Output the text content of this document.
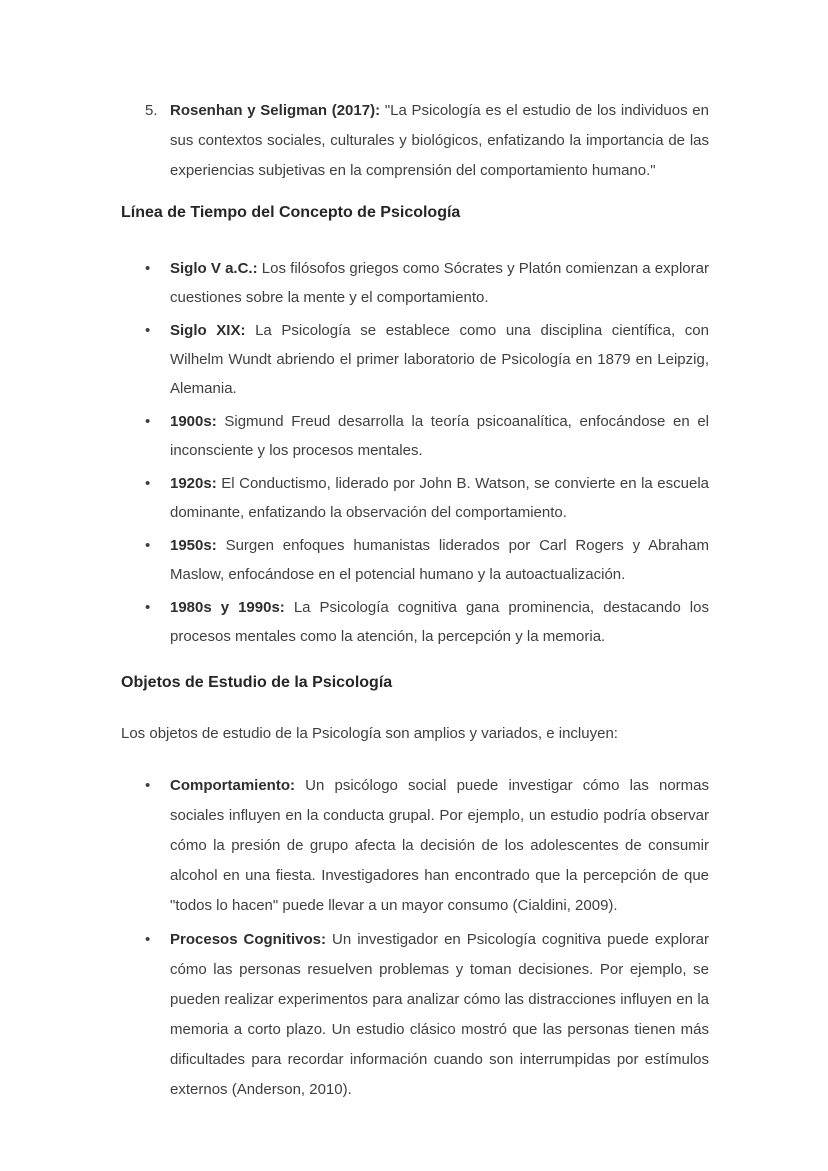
5. Rosenhan y Seligman (2017): "La Psicología es el estudio de los individuos en sus contextos sociales, culturales y biológicos, enfatizando la importancia de las experiencias subjetivas en la comprensión del comportamiento humano."
Línea de Tiempo del Concepto de Psicología
•	Siglo V a.C.: Los filósofos griegos como Sócrates y Platón comienzan a explorar cuestiones sobre la mente y el comportamiento.
•	Siglo XIX: La Psicología se establece como una disciplina científica, con Wilhelm Wundt abriendo el primer laboratorio de Psicología en 1879 en Leipzig, Alemania.
•	1900s: Sigmund Freud desarrolla la teoría psicoanalítica, enfocándose en el inconsciente y los procesos mentales.
•	1920s: El Conductismo, liderado por John B. Watson, se convierte en la escuela dominante, enfatizando la observación del comportamiento.
•	1950s: Surgen enfoques humanistas liderados por Carl Rogers y Abraham Maslow, enfocándose en el potencial humano y la autoactualización.
•	1980s y 1990s: La Psicología cognitiva gana prominencia, destacando los procesos mentales como la atención, la percepción y la memoria.
Objetos de Estudio de la Psicología

Los objetos de estudio de la Psicología son amplios y variados, e incluyen:

•	Comportamiento: Un psicólogo social puede investigar cómo las normas sociales influyen en la conducta grupal. Por ejemplo, un estudio podría observar cómo la presión de grupo afecta la decisión de los adolescentes de consumir alcohol en una fiesta. Investigadores han encontrado que la percepción de que "todos lo hacen" puede llevar a un mayor consumo (Cialdini, 2009).
•	Procesos Cognitivos: Un investigador en Psicología cognitiva puede explorar cómo las personas resuelven problemas y toman decisiones. Por ejemplo, se pueden realizar experimentos para analizar cómo las distracciones influyen en la memoria a corto plazo. Un estudio clásico mostró que las personas tienen más dificultades para recordar información cuando son interrumpidas por estímulos externos (Anderson, 2010).
